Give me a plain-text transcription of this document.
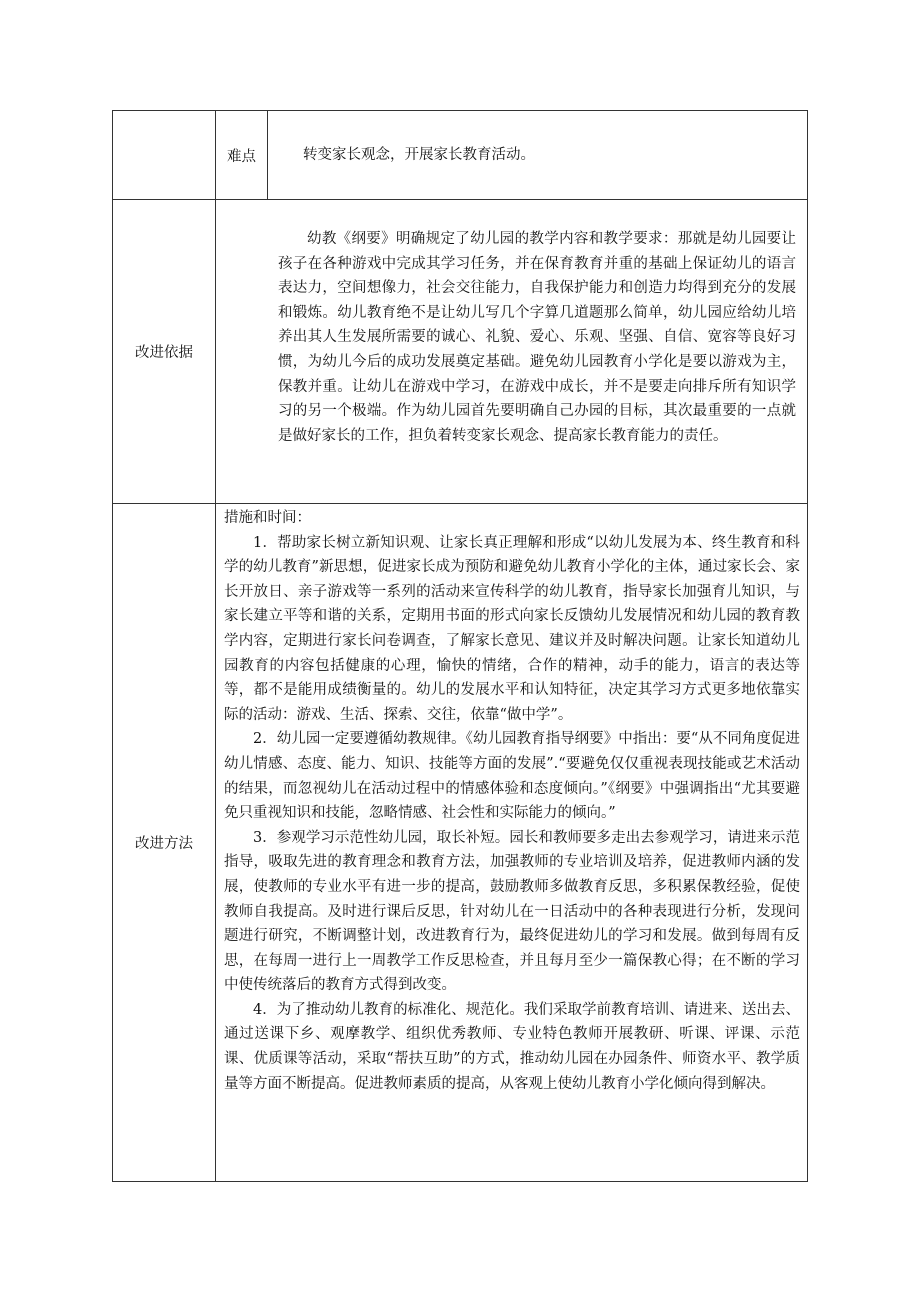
难点	转变家长观念，开展家长教育活动。

改进依据

幼教《纲要》明确规定了幼儿园的教学内容和教学要求：那就是幼儿园要让孩子在各种游戏中完成其学习任务，并在保育教育并重的基础上保证幼儿的语言表达力，空间想像力，社会交往能力，自我保护能力和创造力均得到充分的发展和锻炼。幼儿教育绝不是让幼儿写几个字算几道题那么简单，幼儿园应给幼儿培养出其人生发展所需要的诚心、礼貌、爱心、乐观、坚强、自信、宽容等良好习惯，为幼儿今后的成功发展奠定基础。避免幼儿园教育小学化是要以游戏为主，保教并重。让幼儿在游戏中学习，在游戏中成长，并不是要走向排斥所有知识学习的另一个极端。作为幼儿园首先要明确自己办园的目标，其次最重要的一点就是做好家长的工作，担负着转变家长观念、提高家长教育能力的责任。

改进方法

措施和时间：

1．帮助家长树立新知识观、让家长真正理解和形成“以幼儿发展为本、终生教育和科学的幼儿教育”新思想，促进家长成为预防和避免幼儿教育小学化的主体，通过家长会、家长开放日、亲子游戏等一系列的活动来宣传科学的幼儿教育，指导家长加强育儿知识，与家长建立平等和谐的关系，定期用书面的形式向家长反馈幼儿发展情况和幼儿园的教育教学内容，定期进行家长问卷调查，了解家长意见、建议并及时解决问题。让家长知道幼儿园教育的内容包括健康的心理，愉快的情绪，合作的精神，动手的能力，语言的表达等等，都不是能用成绩衡量的。幼儿的发展水平和认知特征，决定其学习方式更多地依靠实际的活动：游戏、生活、探索、交往，依靠“做中学”。

2．幼儿园一定要遵循幼教规律。《幼儿园教育指导纲要》中指出：要“从不同角度促进幼儿情感、态度、能力、知识、技能等方面的发展”.“要避免仅仅重视表现技能或艺术活动的结果，而忽视幼儿在活动过程中的情感体验和态度倾向。”《纲要》中强调指出“尤其要避免只重视知识和技能，忽略情感、社会性和实际能力的倾向。”

3．参观学习示范性幼儿园，取长补短。园长和教师要多走出去参观学习，请进来示范指导，吸取先进的教育理念和教育方法，加强教师的专业培训及培养，促进教师内涵的发展，使教师的专业水平有进一步的提高，鼓励教师多做教育反思，多积累保教经验，促使教师自我提高。及时进行课后反思，针对幼儿在一日活动中的各种表现进行分析，发现问题进行研究，不断调整计划，改进教育行为，最终促进幼儿的学习和发展。做到每周有反思，在每周一进行上一周教学工作反思检查，并且每月至少一篇保教心得；在不断的学习中使传统落后的教育方式得到改变。

4．为了推动幼儿教育的标准化、规范化。我们采取学前教育培训、请进来、送出去、通过送课下乡、观摩教学、组织优秀教师、专业特色教师开展教研、听课、评课、示范课、优质课等活动，采取“帮扶互助”的方式，推动幼儿园在办园条件、师资水平、教学质量等方面不断提高。促进教师素质的提高，从客观上使幼儿教育小学化倾向得到解决。
